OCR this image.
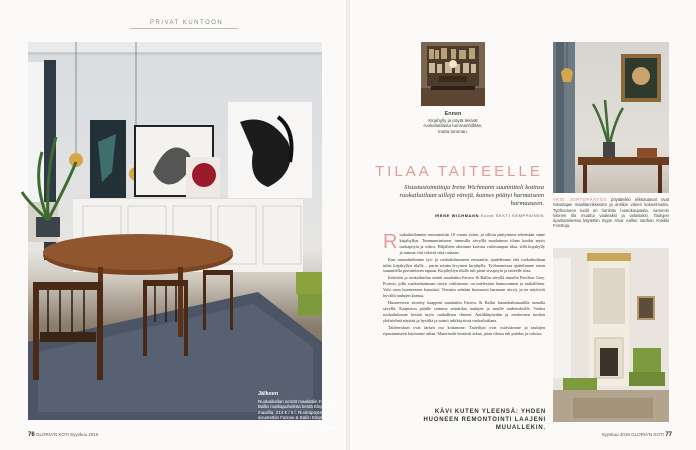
PRIVAT KUNTOON
Jälkeen
Ruokailutilan seinät maalattiin Farrow & Ballin matkapuhelinta kestä Elephantin maalilla, 214 € / 5 l. Ruokapöytä sisustettiin Farrow & Ballin Elephant maalin sävyllä. Taideteokset Rami Parkkinen, Anna Estola, Laura Martelin, Tuomo Manninen.
76 GLORIA'N KOTI Syyskuu 2016
Ennen
Kirjahylly ja pöytä tekivät ruokailutilasta tummanhillitän, mutta tumman.
TILAA TAITEELLE
Sisustustoimittaja Irene Wichmann suunnitteli kotinsa ruokailutilaan uillejä värejä, kunnes pöätyi harmaiseen harmaaseen.
IRENE WICHMANN Kuvat SEKTI SEMPPAINEN

Ruokailutilamme remontoitiin 10 vuotta sitten, ja silloin päätyimme tekemään sinne kirjahyllyn. Tummansiniseen, tummilla sävyillä maalattuun tilaan kuului myös ruokapöytä ja sohva. Hiljalleen aloimme kaivata valoisampaa tilaa, sillä kirjahylly ja tumma väri tekivät siitä raskaan.

Kun suunnittelimme työ- ja ruokailuhuoneen remonttia, ajattelimme että ruokailutilaan tulisi kirjahyllyn tilalle – parin seinän levyinen kirjahylly. Työhuoneessa ajattelimme ensin suunnitella perinteiseen tapaan. Kirjahyllyn tilalle tuli pieni sivupöytä ja taiteelle tilaa.

Kettiöön ja ruokailutilan seinät maalattiin Farrow & Ballin sävyllä nimeltä Pavilion Grey. Pronssi, jolla vaaleanharmaan sävyn valitsimme, on mielestäni harmooninen ja rauhallinen. Valo osuu huoneeseen kauniisti. Testasin seinään luonnosta harmaan sävyä, ja ne näyttivät hyvältä taulujen kanssa.

Huoneeseen siirretty kaappini maalattiin Farrow & Ballin huonekalumaalilla samalla sävyllä. Kaapiston pääille saimme seinätilaa taulujen ja muille taideteoksille. Vaalea ruokailuhuone kestää myös rauhallisen ilmeen. Antiikkipöydän ja modernien tuolien yhdistelmä näyttää ja hyvältä ja toimii arkikäytössä ruokailutilana.

Taideteokset ovat tärkeä osa kotiamme. Taiteilijat ovat ystäviämme ja taulujen ripustamiseen käytimme aikaa. Materiaalit kestävät aikaa, joten tilasta tuli puhdas ja valoisa.

KÄVI KUTEN YLEENSÄ: YHDEN HUONEEN REMONTOINTI LAAJENI MUUALLEKIN.
YKSI JOHTOPÄÄTÖS pöytäleikki elikkäutavat ovat Sisustajan maalitarvikkeiden ja antiikin värien kokoelmasta. Työhuoneen tuolit on hankittu huutokaupasta. Aiemmin sininen tila muuttui vaaleaksi ja valoisaksi. Taulujen ripustamisessa käytettiin Ingon Alvar Aallon Vanhan Antiikki Fonstoja.
Syyskuu 2016 GLORIA'N KOTI 77
